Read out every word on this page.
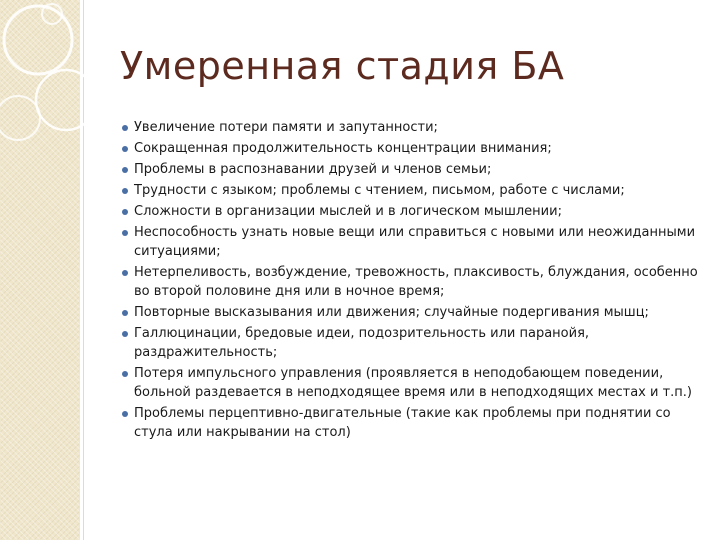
Умеренная стадия БА
Увеличение потери памяти и запутанности;
Сокращенная продолжительность концентрации внимания;
Проблемы в распознавании друзей и членов семьи;
Трудности с языком; проблемы с чтением, письмом, работе с числами;
Сложности в организации мыслей и в логическом мышлении;
Неспособность узнать новые вещи или справиться с новыми или неожиданными ситуациями;
Нетерпеливость, возбуждение, тревожность, плаксивость, блуждания, особенно во второй половине дня или в ночное время;
Повторные высказывания или движения; случайные подергивания мышц;
Галлюцинации, бредовые идеи, подозрительность или паранойя, раздражительность;
Потеря импульсного управления (проявляется в неподобающем поведении, больной раздевается в неподходящее время или в неподходящих местах и т.п.)
Проблемы перцептивно-двигательные (такие как проблемы при поднятии со стула или накрывании на стол)
